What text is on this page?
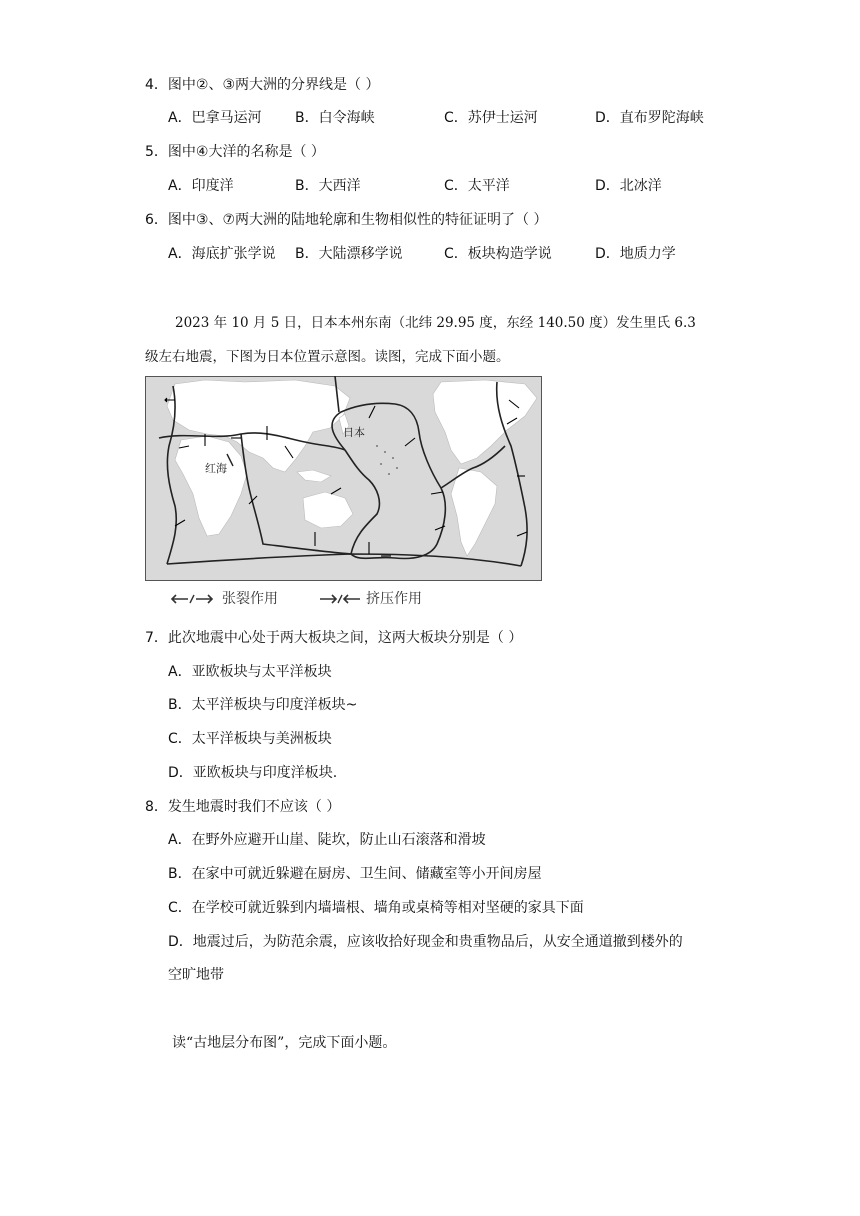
4．图中②、③两大洲的分界线是（ ）
A．巴拿马运河 B．白令海峡	C．苏伊士运河	D．直布罗陀海峡
5．图中④大洋的名称是（ ）
A．印度洋	B．大西洋	C．太平洋	D．北冰洋
6．图中③、⑦两大洲的陆地轮廓和生物相似性的特征证明了（ ）
A．海底扩张学说 B．大陆漂移学说	C．板块构造学说	D．地质力学
2023 年 10 月 5 日，日本本州东南（北纬 29.95 度，东经 140.50 度）发生里氏 6.3
级左右地震，下图为日本位置示意图。读图，完成下面小题。
日本
红海
张裂作用	挤压作用
7．此次地震中心处于两大板块之间，这两大板块分别是（ ）
A．亚欧板块与太平洋板块
B．太平洋板块与印度洋板块~
C．太平洋板块与美洲板块
D．亚欧板块与印度洋板块.
8．发生地震时我们不应该（ ）
A．在野外应避开山崖、陡坎，防止山石滚落和滑坡
B．在家中可就近躲避在厨房、卫生间、储藏室等小开间房屋
C．在学校可就近躲到内墙墙根、墙角或桌椅等相对坚硬的家具下面
D．地震过后，为防范余震，应该收拾好现金和贵重物品后，从安全通道撤到楼外的
空旷地带
读“古地层分布图”，完成下面小题。
